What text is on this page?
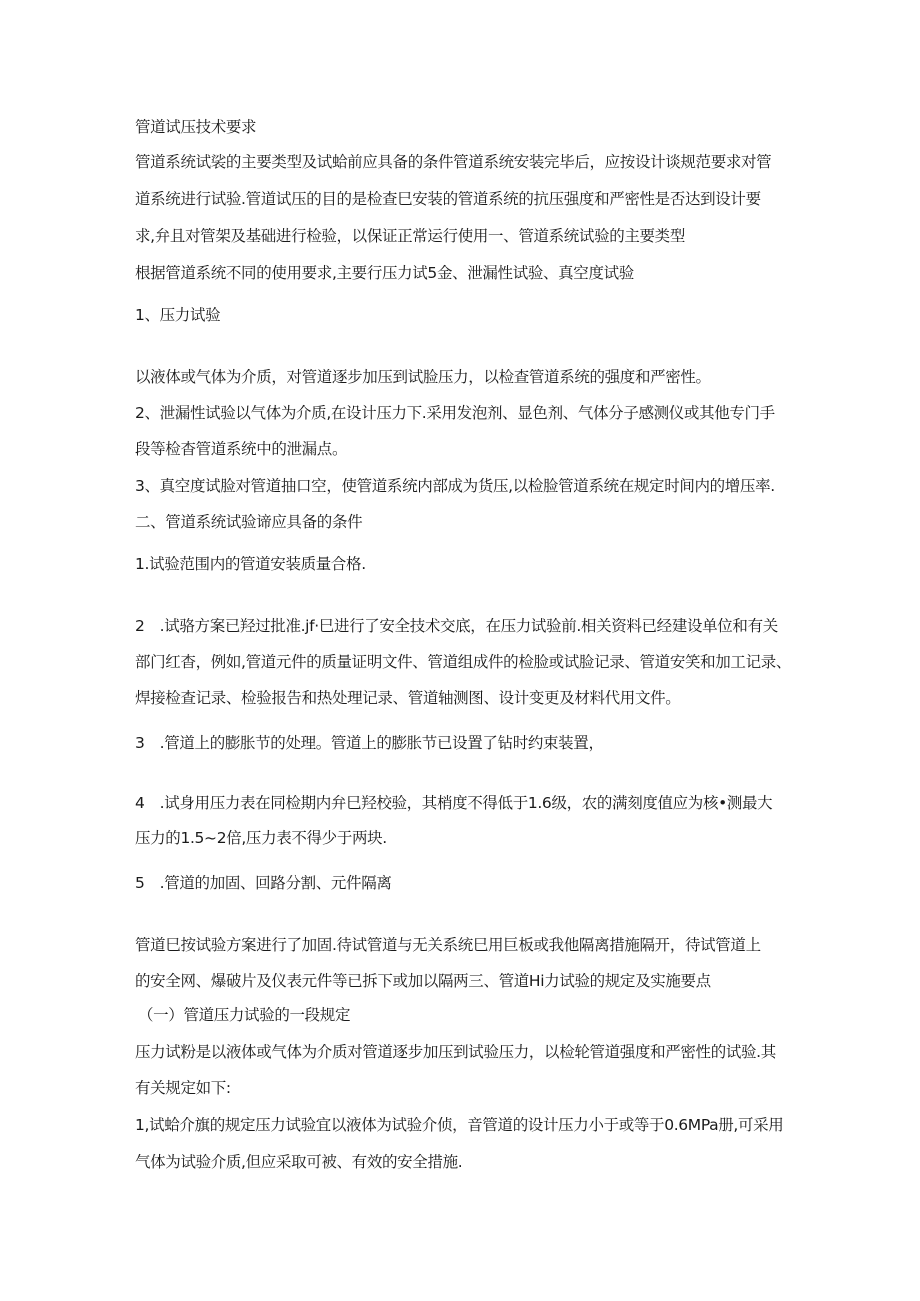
管道试压技术要求

管道系统试裟的主要类型及试蛤前应具备的条件管道系统安装完毕后，应按设计谈规范要求对管

道系统进行试验.管道试压的目的是检查巳安装的管道系统的抗压强度和严密性是否达到设计要

求,弁且对管架及基础进行检验，以保证正常运行使用一、管道系统试验的主要类型

根据管道系统不同的使用要求,主要行压力试5金、泄漏性试验、真空度试验

1、压力试验

以液体或气体为介质，对管道逐步加压到试脸压力，以检查管道系统的强度和严密性。

2、泄漏性试验以气体为介质,在设计压力下.采用发泡剂、显色剂、气体分子感测仪或其他专门手

段等检杳管道系统中的泄漏点。

3、真空度试脸对管道抽口空，使管道系统内部成为货压,以检脸管道系统在规定时间内的增压率.

二、管道系统试验谛应具备的条件

1.试验范围内的管道安装质量合格.

2　.试骆方案已羟过批准.jf·巳进行了安全技术交底，在压力试验前.相关资料已经建设单位和有关

部门红杳，例如,管道元件的质量证明文件、管道组成件的检脸或试脸记录、管道安笑和加工记录、

焊接检查记录、检验报告和热处理记录、管道轴测图、设计变更及材料代用文件。

3　.管道上的膨胀节的处理。管道上的膨胀节已设置了钻时约束装置，

4　.试身用压力表在同检期内弁巳羟校验，其梢度不得低于1.6级，农的满刻度值应为核•测最大

压力的1.5~2倍,压力表不得少于两块.

5　.管道的加固、回路分割、元件隔离

管道巳按试验方案进行了加固.待试管道与无关系统巳用巨板或我他隔离措施隔开，待试管道上

的安全网、爆破片及仪表元件等已拆下或加以隔两三、管道Hi力试验的规定及实施要点

（一）管道压力试验的一段规定

压力试粉是以液体或气体为介质对管道逐步加压到试验压力，以检轮管道强度和严密性的试验.其

有关规定如下:

1,试蛤介旗的规定压力试验宜以液体为试验介侦，音管道的设计压力小于或等于0.6MPa册,可采用

气体为试验介质,但应采取可被、有效的安全措施.
